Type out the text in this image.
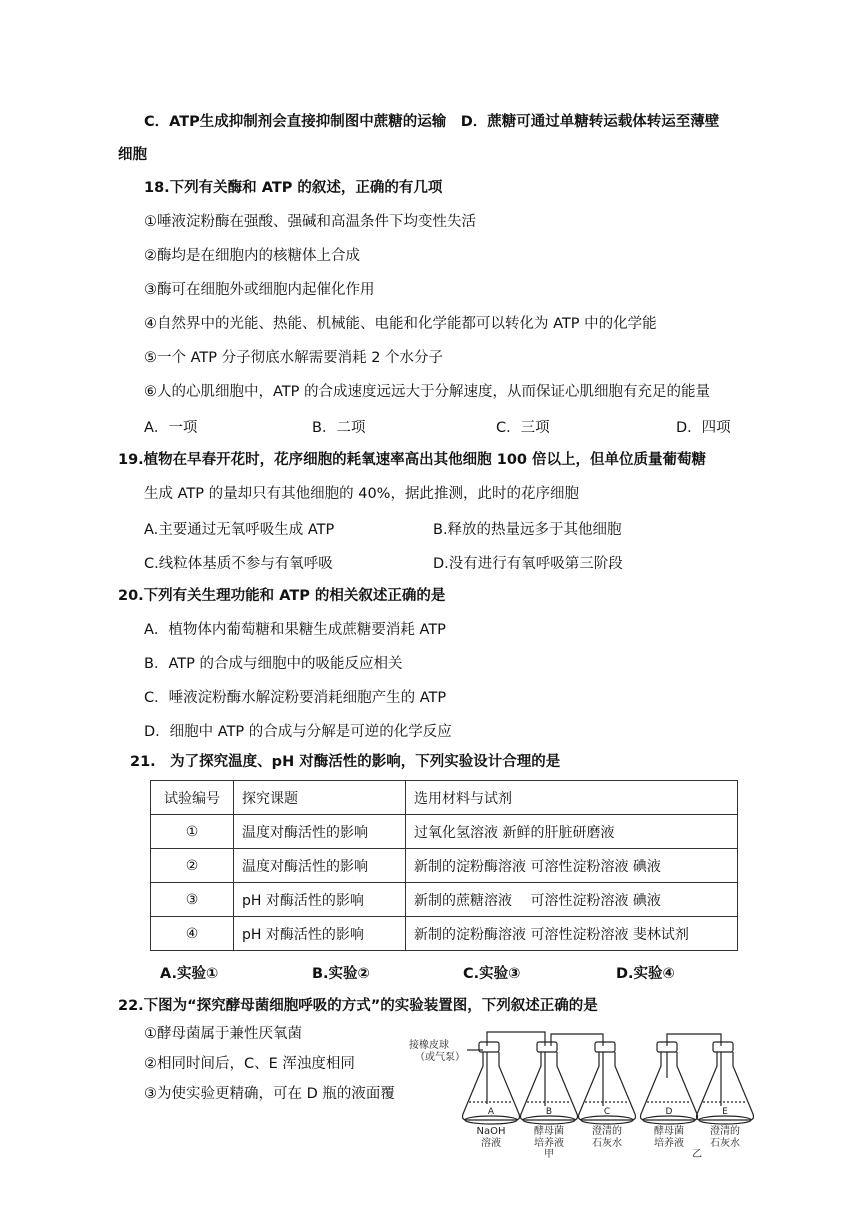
C．ATP生成抑制剂会直接抑制图中蔗糖的运输　D．蔗糖可通过单糖转运载体转运至薄壁
细胞
18.下列有关酶和 ATP 的叙述，正确的有几项
①唾液淀粉酶在强酸、强碱和高温条件下均变性失活
②酶均是在细胞内的核糖体上合成
③酶可在细胞外或细胞内起催化作用
④自然界中的光能、热能、机械能、电能和化学能都可以转化为 ATP 中的化学能
⑤一个 ATP 分子彻底水解需要消耗 2 个水分子
⑥人的心肌细胞中，ATP 的合成速度远远大于分解速度，从而保证心肌细胞有充足的能量
A．一项	B．二项	C．三项	D．四项
19.植物在早春开花时，花序细胞的耗氧速率高出其他细胞 100 倍以上，但单位质量葡萄糖
生成 ATP 的量却只有其他细胞的 40%，据此推测，此时的花序细胞
A.主要通过无氧呼吸生成 ATP	B.释放的热量远多于其他细胞
C.线粒体基质不参与有氧呼吸	D.没有进行有氧呼吸第三阶段
20.下列有关生理功能和 ATP 的相关叙述正确的是
A．植物体内葡萄糖和果糖生成蔗糖要消耗 ATP
B．ATP 的合成与细胞中的吸能反应相关
C．唾液淀粉酶水解淀粉要消耗细胞产生的 ATP
D．细胞中 ATP 的合成与分解是可逆的化学反应
21.　为了探究温度、pH 对酶活性的影响，下列实验设计合理的是
试验编号	探究课题	选用材料与试剂
①	温度对酶活性的影响	过氧化氢溶液 新鲜的肝脏研磨液
②	温度对酶活性的影响	新制的淀粉酶溶液 可溶性淀粉溶液 碘液
③	pH 对酶活性的影响	新制的蔗糖溶液　 可溶性淀粉溶液 碘液
④	pH 对酶活性的影响	新制的淀粉酶溶液 可溶性淀粉溶液 斐林试剂
A.实验①	B.实验②	C.实验③	D.实验④
22.下图为“探究酵母菌细胞呼吸的方式”的实验装置图，下列叙述正确的是
①酵母菌属于兼性厌氧菌
②相同时间后，C、E 浑浊度相同
③为使实验更精确，可在 D 瓶的液面覆
接橡皮球
（或气泵）
A	B	C	D	E
NaOH
溶液
酵母菌
培养液
甲
澄清的
石灰水
酵母菌
培养液
澄清的
石灰水
乙
